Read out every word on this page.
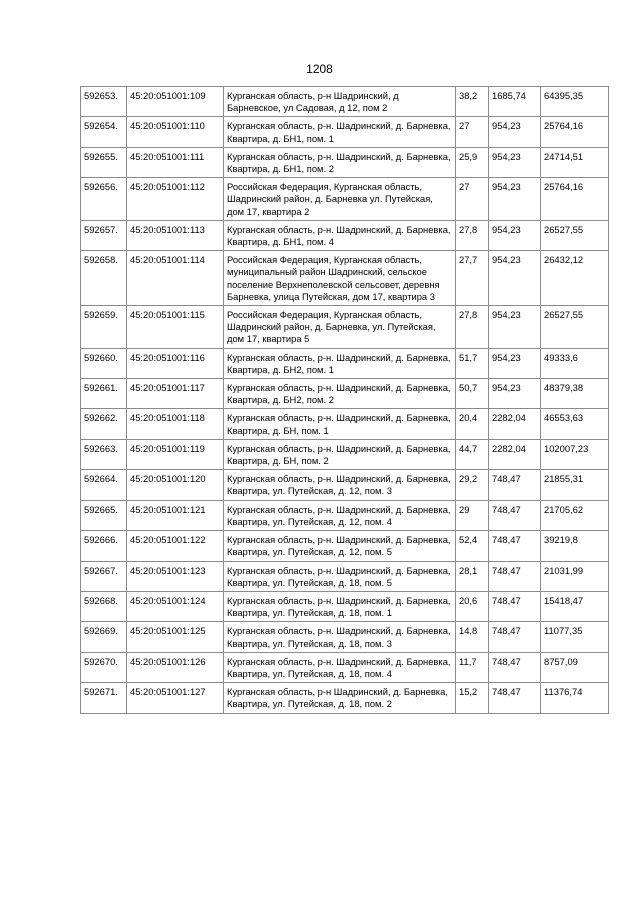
1208
592653.	45:20:051001:109	Курганская область, р-н Шадринский, д Барневское, ул Садовая, д 12, пом 2	38,2	1685,74	64395,35
592654.	45:20:051001:110	Курганская область, р-н. Шадринский, д. Барневка, Квартира, д. БН1, пом. 1	27	954,23	25764,16
592655.	45:20:051001:111	Курганская область, р-н. Шадринский, д. Барневка, Квартира, д. БН1, пом. 2	25,9	954,23	24714,51
592656.	45:20:051001:112	Российская Федерация, Курганская область, Шадринский район, д. Барневка ул. Путейская, дом 17, квартира 2	27	954,23	25764,16
592657.	45:20:051001:113	Курганская область, р-н. Шадринский, д. Барневка, Квартира, д. БН1, пом. 4	27,8	954,23	26527,55
592658.	45:20:051001:114	Российская Федерация, Курганская область, муниципальный район Шадринский, сельское поселение Верхнеполевской сельсовет, деревня Барневка, улица Путейская, дом 17, квартира 3	27,7	954,23	26432,12
592659.	45:20:051001:115	Российская Федерация, Курганская область, Шадринский район, д. Барневка, ул. Путейская, дом 17, квартира 5	27,8	954,23	26527,55
592660.	45:20:051001:116	Курганская область, р-н. Шадринский, д. Барневка, Квартира, д. БН2, пом. 1	51,7	954,23	49333,6
592661.	45:20:051001:117	Курганская область, р-н. Шадринский, д. Барневка, Квартира, д. БН2, пом. 2	50,7	954,23	48379,38
592662.	45:20:051001:118	Курганская область, р-н. Шадринский, д. Барневка, Квартира, д. БН, пом. 1	20,4	2282,04	46553,63
592663.	45:20:051001:119	Курганская область, р-н. Шадринский, д. Барневка, Квартира, д. БН, пом. 2	44,7	2282,04	102007,23
592664.	45:20:051001:120	Курганская область, р-н. Шадринский, д. Барневка, Квартира, ул. Путейская, д. 12, пом. 3	29,2	748,47	21855,31
592665.	45:20:051001:121	Курганская область, р-н. Шадринский, д. Барневка, Квартира, ул. Путейская, д. 12, пом. 4	29	748,47	21705,62
592666.	45:20:051001:122	Курганская область, р-н. Шадринский, д. Барневка, Квартира, ул. Путейская, д. 12, пом. 5	52,4	748,47	39219,8
592667.	45:20:051001:123	Курганская область, р-н. Шадринский, д. Барневка, Квартира, ул. Путейская, д. 18, пом. 5	28,1	748,47	21031,99
592668.	45:20:051001:124	Курганская область, р-н. Шадринский, д. Барневка, Квартира, ул. Путейская, д. 18, пом. 1	20,6	748,47	15418,47
592669.	45:20:051001:125	Курганская область, р-н. Шадринский, д. Барневка, Квартира, ул. Путейская, д. 18, пом. 3	14,8	748,47	11077,35
592670.	45:20:051001:126	Курганская область, р-н. Шадринский, д. Барневка, Квартира, ул. Путейская, д. 18, пом. 4	11,7	748,47	8757,09
592671.	45:20:051001:127	Курганская область, р-н Шадринский, д. Барневка, Квартира, ул. Путейская, д. 18, пом. 2	15,2	748,47	11376,74
